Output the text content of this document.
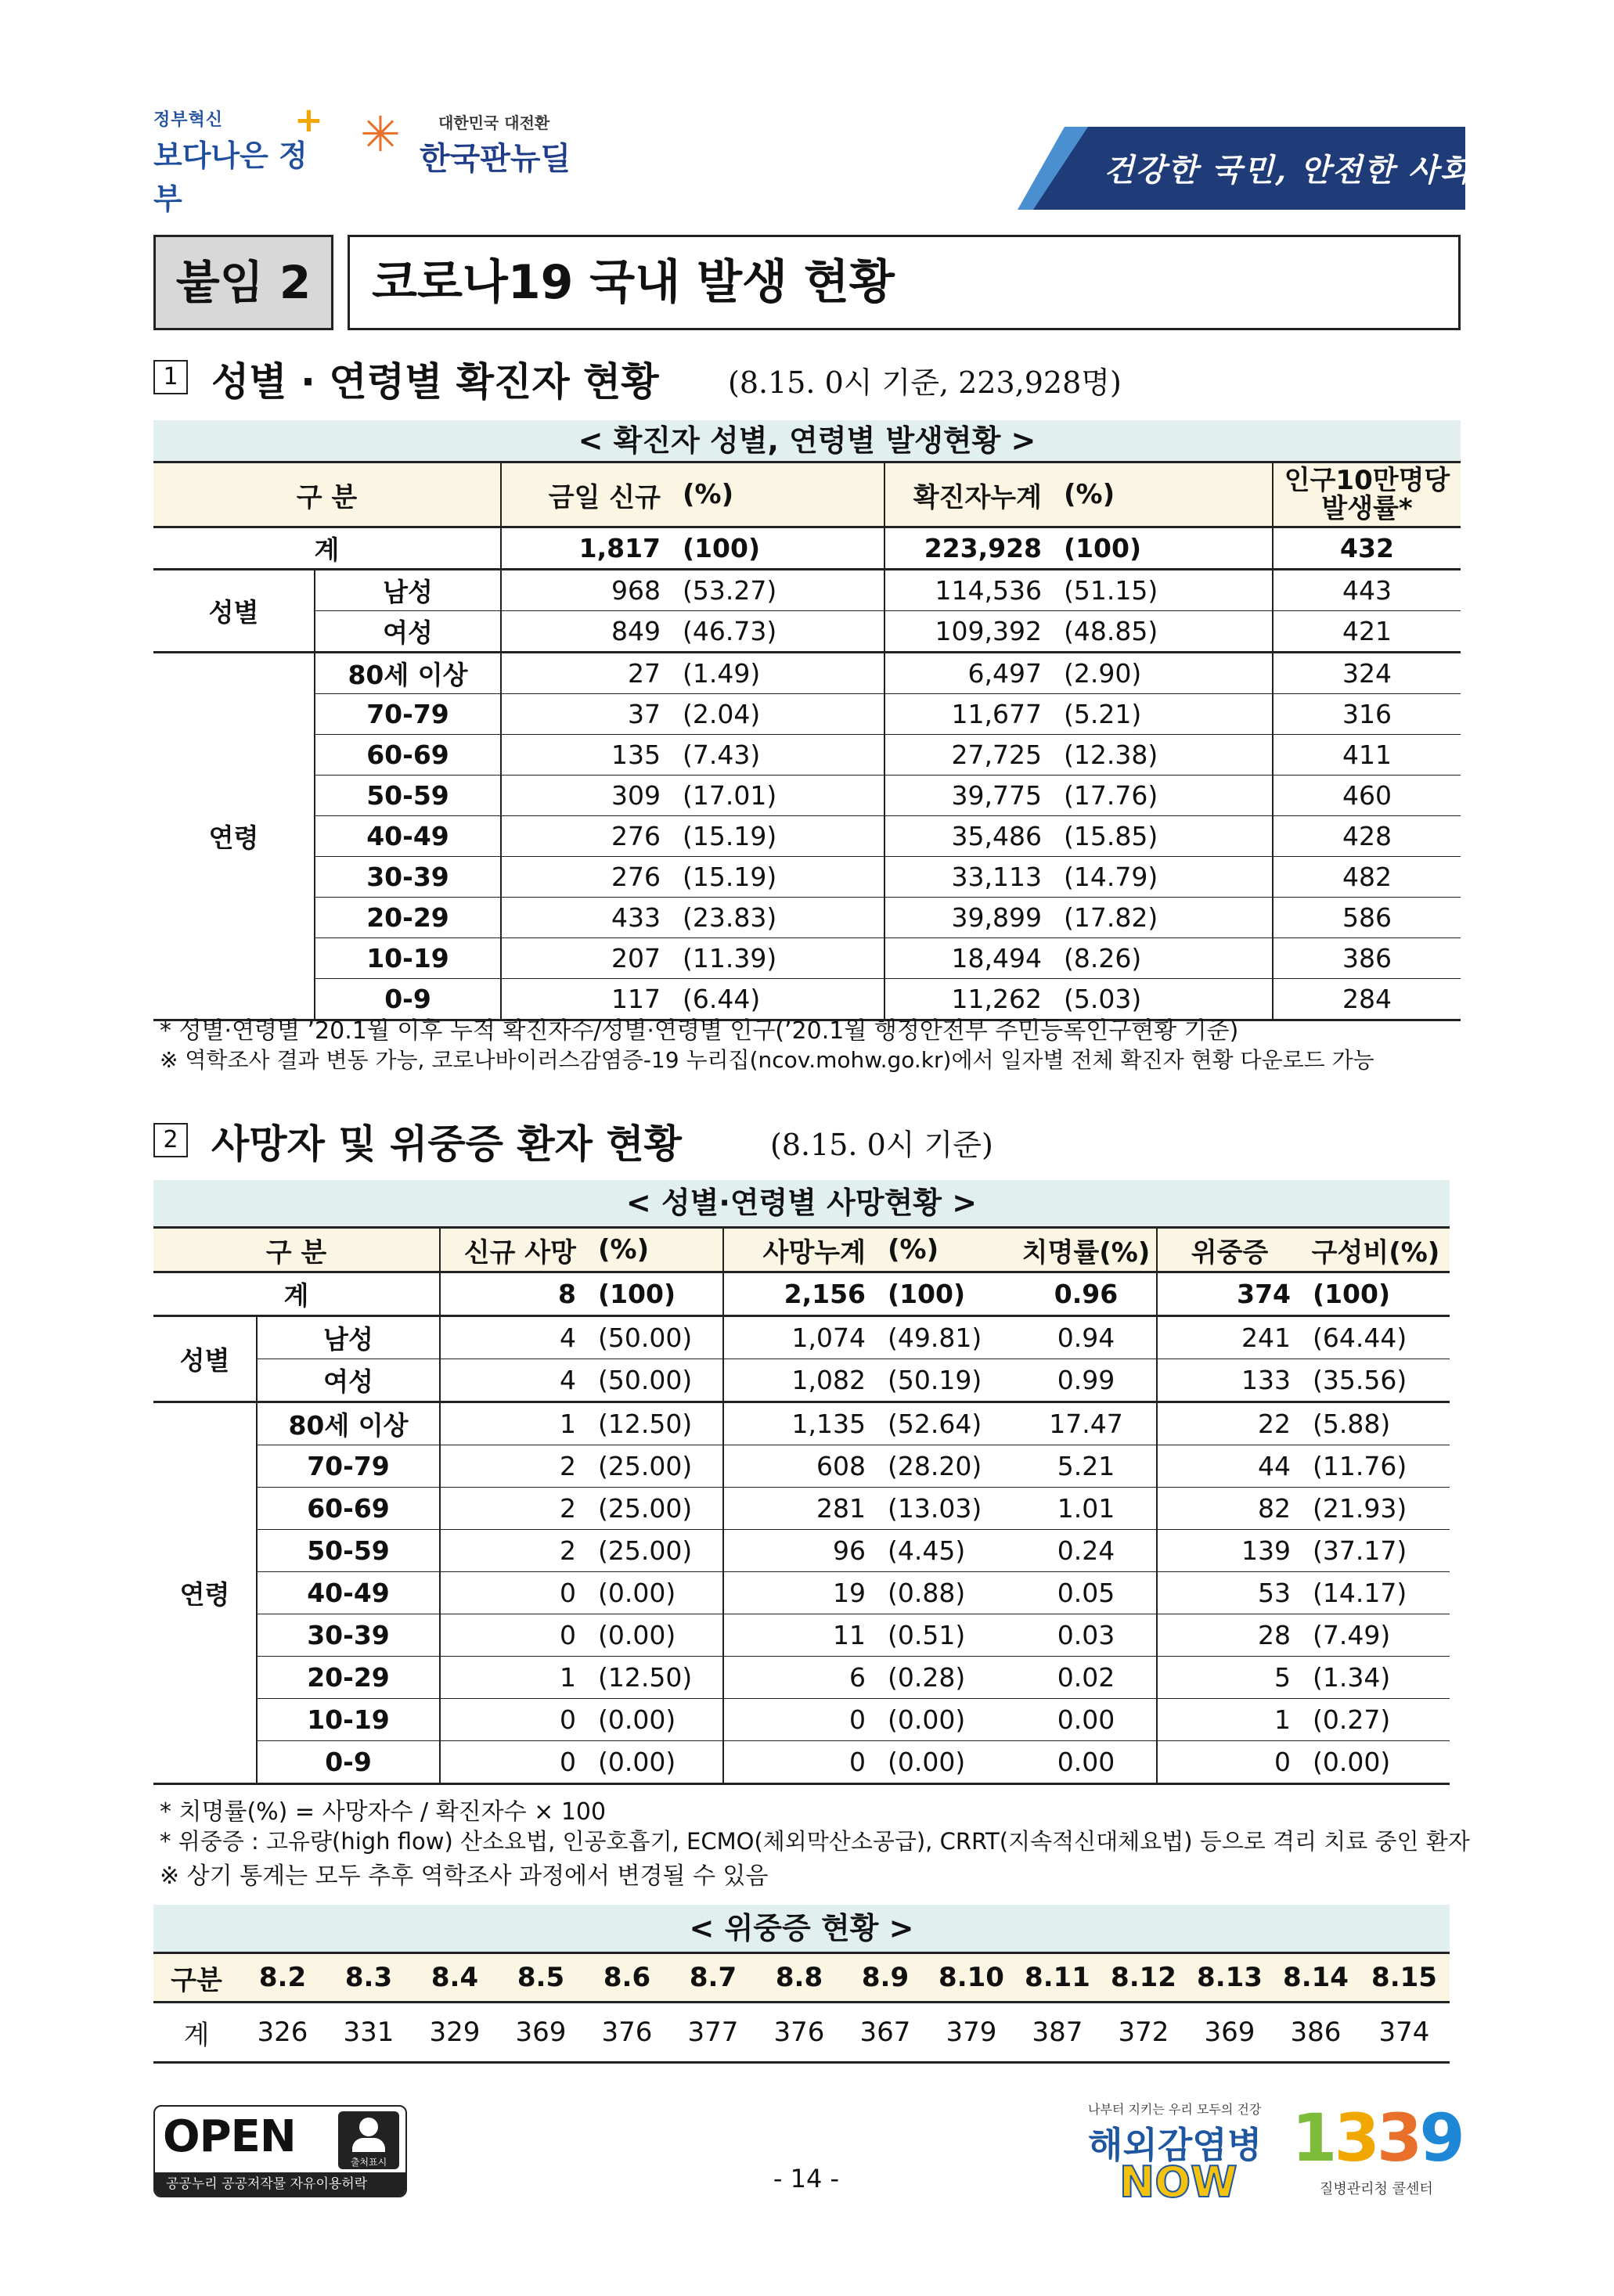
정부혁신
보다나은 정부
+ ✳ 대한민국 대전환
한국판뉴딜	건강한 국민, 안전한 사회
붙임 2	코로나19 국내 발생 현황
1 성별 · 연령별 확진자 현황 (8.15. 0시 기준, 223,928명)
< 확진자 성별, 연령별 발생현황 >
구 분		금일 신규	(%)	확진자누계	(%)	인구10만명당
발생률*

계		1,817	(100)	223,928	(100)	432
성별	남성	968	(53.27)	114,536	(51.15)	443
	여성	849	(46.73)	109,392	(48.85)	421
연령	80세 이상	27	(1.49)	6,497	(2.90)	324
	70-79	37	(2.04)	11,677	(5.21)	316
	60-69	135	(7.43)	27,725	(12.38)	411
	50-59	309	(17.01)	39,775	(17.76)	460
	40-49	276	(15.19)	35,486	(15.85)	428
	30-39	276	(15.19)	33,113	(14.79)	482
	20-29	433	(23.83)	39,899	(17.82)	586
	10-19	207	(11.39)	18,494	(8.26)	386
	0-9	117	(6.44)	11,262	(5.03)	284
* 성별·연령별 ’20.1월 이후 누적 확진자수/성별·연령별 인구(’20.1월 행정안전부 주민등록인구현황 기준)
※ 역학조사 결과 변동 가능, 코로나바이러스감염증-19 누리집(ncov.mohw.go.kr)에서 일자별 전체 확진자 현황 다운로드 가능
2 사망자 및 위중증 환자 현황	(8.15. 0시 기준)
< 성별·연령별 사망현황 >
구 분		신규 사망	(%)	사망누계	(%)	치명률(%)	위중증	구성비(%)
계		8	(100)	2,156	(100)	0.96	374	(100)
성별	남성	4	(50.00)	1,074	(49.81)	0.94	241	(64.44)
	여성	4	(50.00)	1,082	(50.19)	0.99	133	(35.56)
연령	80세 이상	1	(12.50)	1,135	(52.64)	17.47	22	(5.88)
	70-79	2	(25.00)	608	(28.20)	5.21	44	(11.76)
	60-69	2	(25.00)	281	(13.03)	1.01	82	(21.93)
	50-59	2	(25.00)	96	(4.45)	0.24	139	(37.17)
	40-49	0	(0.00)	19	(0.88)	0.05	53	(14.17)
	30-39	0	(0.00)	11	(0.51)	0.03	28	(7.49)
	20-29	1	(12.50)	6	(0.28)	0.02	5	(1.34)
	10-19	0	(0.00)	0	(0.00)	0.00	1	(0.27)
	0-9	0	(0.00)	0	(0.00)	0.00	0	(0.00)
* 치명률(%) = 사망자수 / 확진자수 × 100
* 위중증 : 고유량(high flow) 산소요법, 인공호흡기, ECMO(체외막산소공급), CRRT(지속적신대체요법) 등으로 격리 치료 중인 환자
※ 상기 통계는 모두 추후 역학조사 과정에서 변경될 수 있음
< 위중증 현황 >
구분	8.2	8.3	8.4	8.5	8.6	8.7	8.8	8.9	8.10	8.11	8.12	8.13	8.14	8.15
계	326	331	329	369	376	377	376	367	379	387	372	369	386	374
OPEN	출처표시
공공누리 공공저작물 자유이용허락	- 14 -
나부터 지키는 우리 모두의 건강
해외감염병
NOW
1339
질병관리청 콜센터
